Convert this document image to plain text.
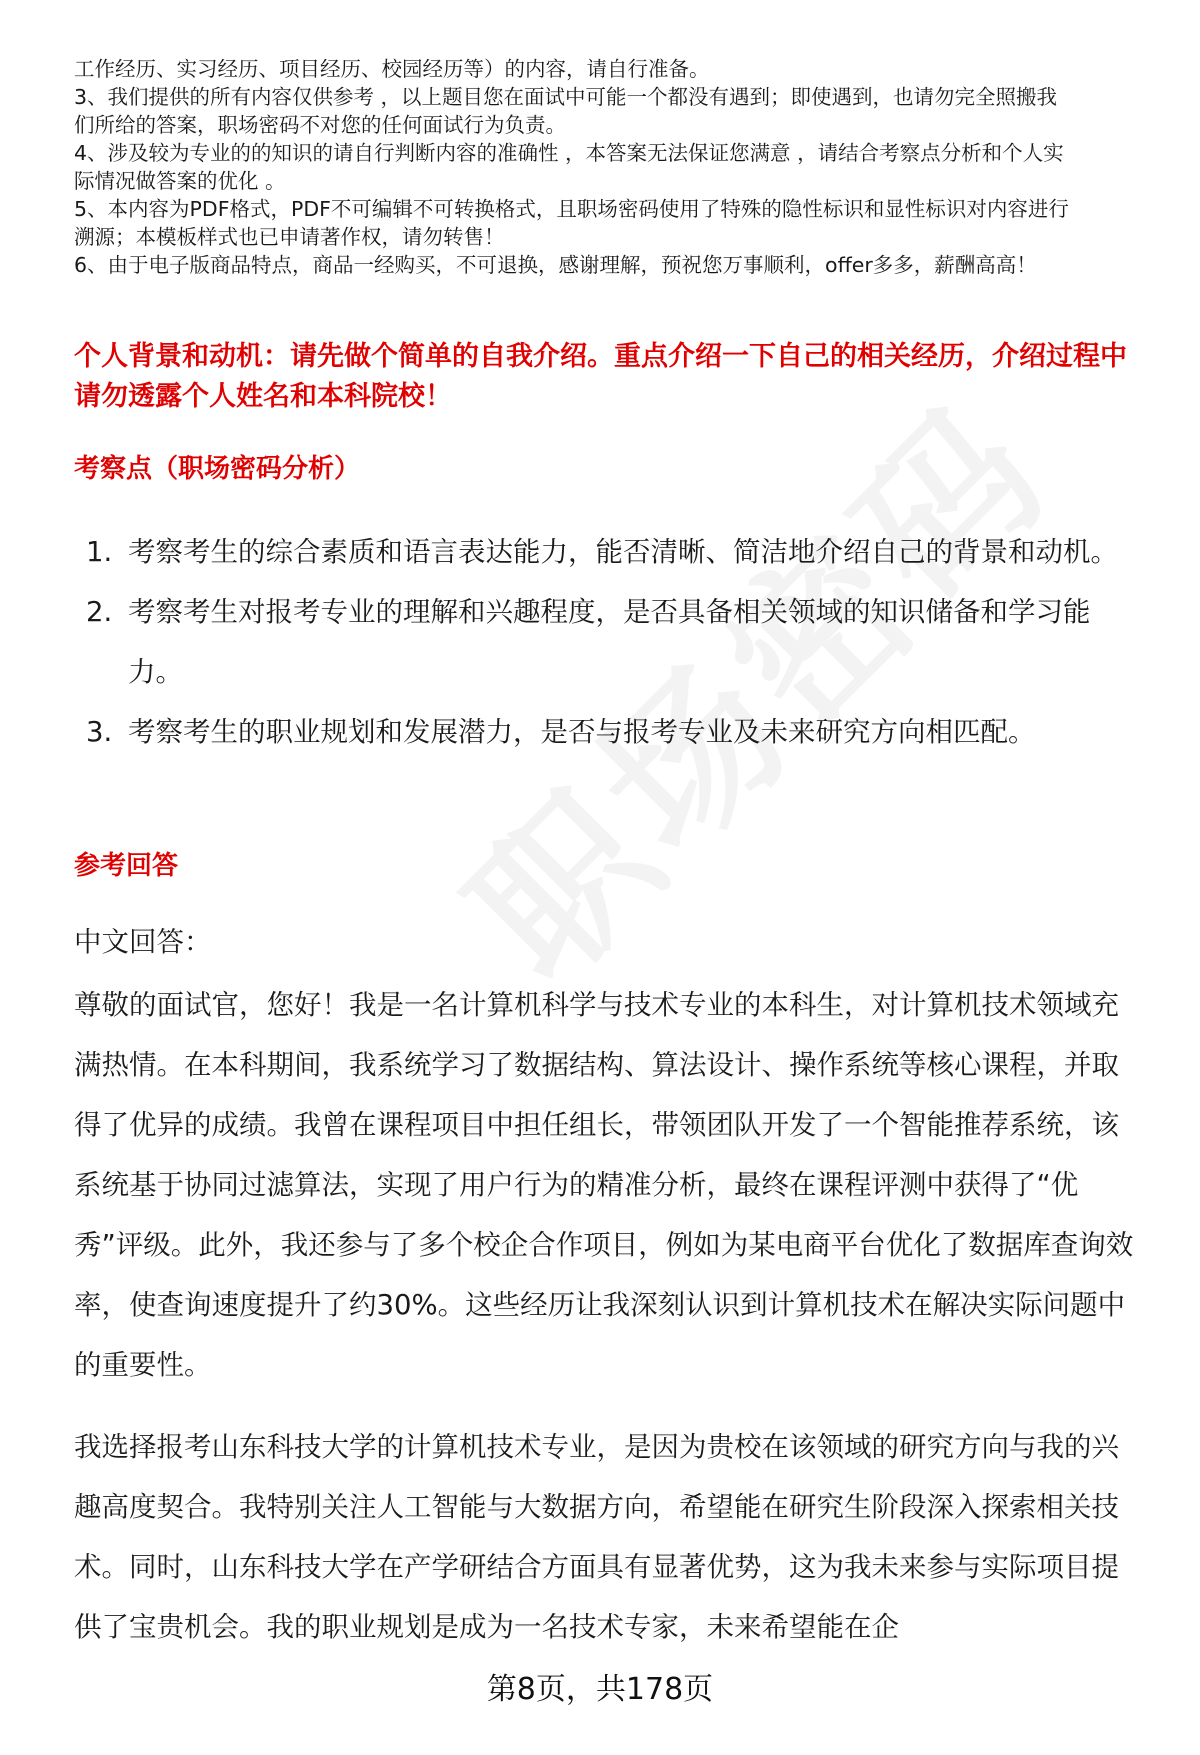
工作经历、实习经历、项目经历、校园经历等）的内容，请自行准备。
3、我们提供的所有内容仅供参考 ，以上题目您在面试中可能一个都没有遇到；即使遇到，也请勿完全照搬我
们所给的答案，职场密码不对您的任何面试行为负责。
4、涉及较为专业的的知识的请自行判断内容的准确性 ，本答案无法保证您满意 ，请结合考察点分析和个人实
际情况做答案的优化 。
5、本内容为PDF格式，PDF不可编辑不可转换格式，且职场密码使用了特殊的隐性标识和显性标识对内容进行
溯源；本模板样式也已申请著作权，请勿转售！
6、由于电子版商品特点，商品一经购买，不可退换，感谢理解，预祝您万事顺利，offer多多，薪酬高高！
个人背景和动机：请先做个简单的自我介绍。重点介绍一下自己的相关经历，介绍过程中请勿透露个人姓名和本科院校！
考察点（职场密码分析）
1. 考察考生的综合素质和语言表达能力，能否清晰、简洁地介绍自己的背景和动机。
2. 考察考生对报考专业的理解和兴趣程度，是否具备相关领域的知识储备和学习能力。
3. 考察考生的职业规划和发展潜力，是否与报考专业及未来研究方向相匹配。
参考回答
中文回答：

尊敬的面试官，您好！我是一名计算机科学与技术专业的本科生，对计算机技术领域充满热情。在本科期间，我系统学习了数据结构、算法设计、操作系统等核心课程，并取得了优异的成绩。我曾在课程项目中担任组长，带领团队开发了一个智能推荐系统，该系统基于协同过滤算法，实现了用户行为的精准分析，最终在课程评测中获得了“优秀”评级。此外，我还参与了多个校企合作项目，例如为某电商平台优化了数据库查询效率，使查询速度提升了约30%。这些经历让我深刻认识到计算机技术在解决实际问题中的重要性。

我选择报考山东科技大学的计算机技术专业，是因为贵校在该领域的研究方向与我的兴趣高度契合。我特别关注人工智能与大数据方向，希望能在研究生阶段深入探索相关技术。同时，山东科技大学在产学研结合方面具有显著优势，这为我未来参与实际项目提供了宝贵机会。我的职业规划是成为一名技术专家，未来希望能在企

第8页，共178页
